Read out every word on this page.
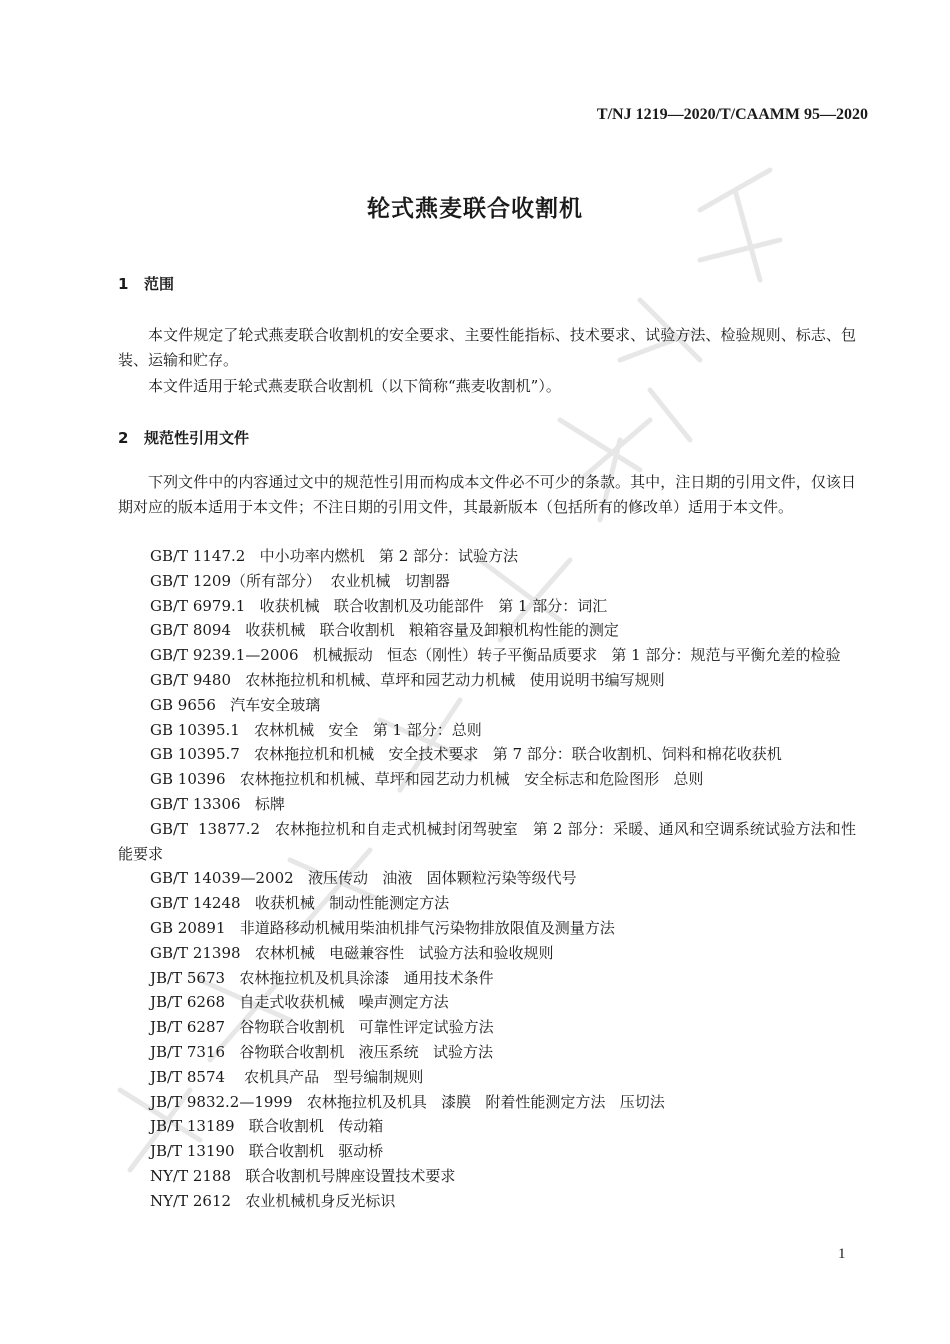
T/NJ 1219—2020/T/CAAMM 95—2020
轮式燕麦联合收割机
1 范围
本文件规定了轮式燕麦联合收割机的安全要求、主要性能指标、技术要求、试验方法、检验规则、标志、包装、运输和贮存。
本文件适用于轮式燕麦联合收割机（以下简称“燕麦收割机”）。
2 规范性引用文件
下列文件中的内容通过文中的规范性引用而构成本文件必不可少的条款。其中，注日期的引用文件，仅该日期对应的版本适用于本文件；不注日期的引用文件，其最新版本（包括所有的修改单）适用于本文件。
GB/T 1147.2   中小功率内燃机   第 2 部分：试验方法
GB/T 1209（所有部分）  农业机械   切割器
GB/T 6979.1   收获机械   联合收割机及功能部件   第 1 部分：词汇
GB/T 8094   收获机械   联合收割机   粮箱容量及卸粮机构性能的测定
GB/T 9239.1—2006   机械振动   恒态（刚性）转子平衡品质要求   第 1 部分：规范与平衡允差的检验
GB/T 9480   农林拖拉机和机械、草坪和园艺动力机械   使用说明书编写规则
GB 9656   汽车安全玻璃
GB 10395.1   农林机械   安全   第 1 部分：总则
GB 10395.7   农林拖拉机和机械   安全技术要求   第 7 部分：联合收割机、饲料和棉花收获机
GB 10396   农林拖拉机和机械、草坪和园艺动力机械   安全标志和危险图形   总则
GB/T 13306   标牌
GB/T  13877.2   农林拖拉机和自走式机械封闭驾驶室   第 2 部分：采暖、通风和空调系统试验方法和性能要求
GB/T 14039—2002   液压传动   油液   固体颗粒污染等级代号
GB/T 14248   收获机械   制动性能测定方法
GB 20891   非道路移动机械用柴油机排气污染物排放限值及测量方法
GB/T 21398   农林机械   电磁兼容性   试验方法和验收规则
JB/T 5673   农林拖拉机及机具涂漆   通用技术条件
JB/T 6268   自走式收获机械   噪声测定方法
JB/T 6287   谷物联合收割机   可靠性评定试验方法
JB/T 7316   谷物联合收割机   液压系统   试验方法
JB/T 8574    农机具产品   型号编制规则
JB/T 9832.2—1999   农林拖拉机及机具   漆膜   附着性能测定方法   压切法
JB/T 13189   联合收割机   传动箱
JB/T 13190   联合收割机   驱动桥
NY/T 2188   联合收割机号牌座设置技术要求
NY/T 2612   农业机械机身反光标识
1
